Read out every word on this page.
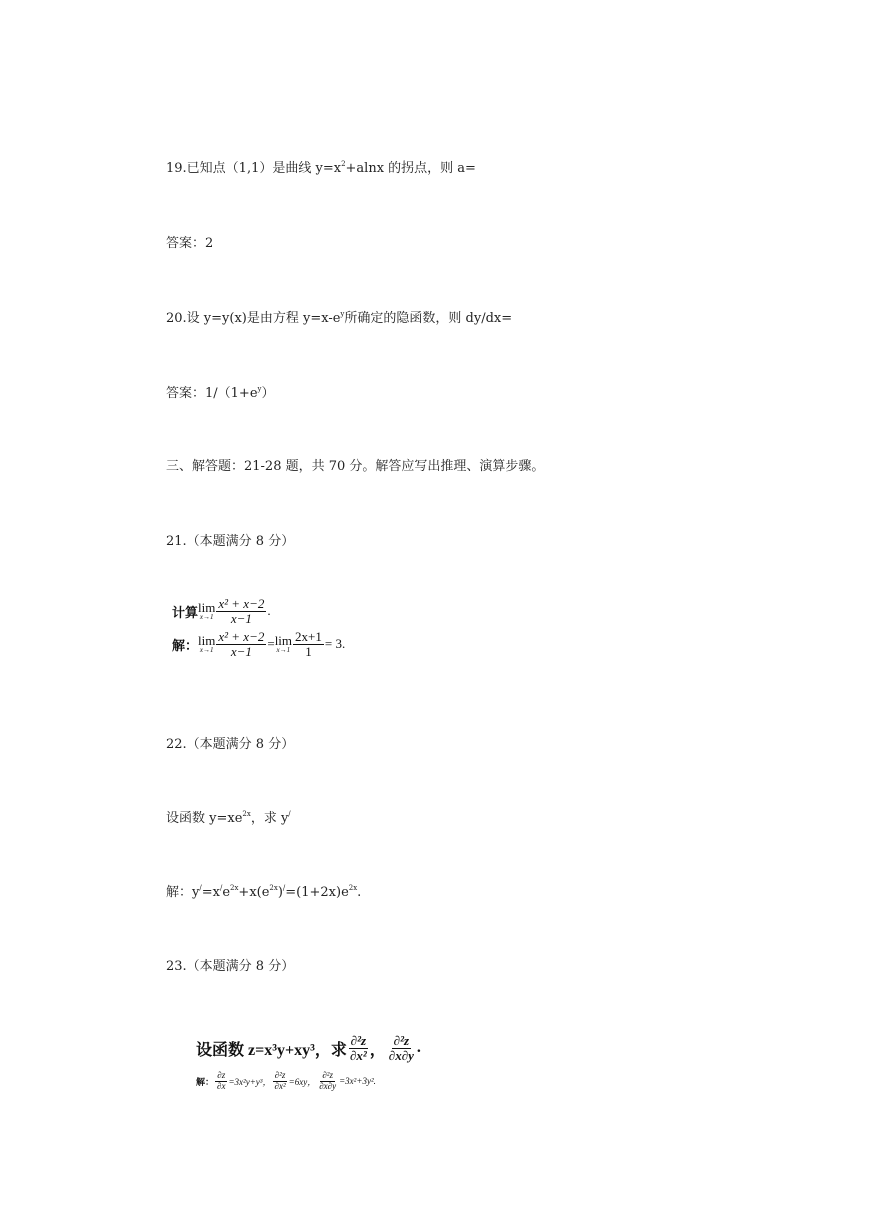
19.已知点（1,1）是曲线 $y=x^2+alnx$ 的拐点，则 a=
答案：2
20.设 y=y(x)是由方程 $y=x-e^y$所确定的隐函数，则 dy/dx=
答案：$1/(1+e^y)$
三、解答题：21-28 题，共 70 分。解答应写出推理、演算步骤。
21.（本题满分 8 分）
计算 lim
$x\to 1 \frac{\text{x² + x−2}}{x-1}$ .
解： lim
$x\to 1 \frac{\text{x² + x−2}}{x-1} = \lim$
$x\to 1 \frac{2x+1}{1} = 3$.
22.（本题满分 8 分）
设函数 $y=xe^{2x}$，求 y/
解：$y^/=x^/e^{2x}+x(e^{2x})^/=(1+2x)e^{2x}$.
23.（本题满分 8 分）
设函数 z=x³y+xy³，求 $\frac{\text{∂²z}}{\text{∂x²}}$ ， $\frac{\text{∂²z}}{\partial x\partial y}$ .
解： $\frac{\partial z}{\partial x} =3x^2y+y^3$， $\frac{\text{∂²z}}{\text{∂x²}} =6xy$， $\frac{\text{∂²z}}{\partial x\partial y} =3x^2+3y^2$.
